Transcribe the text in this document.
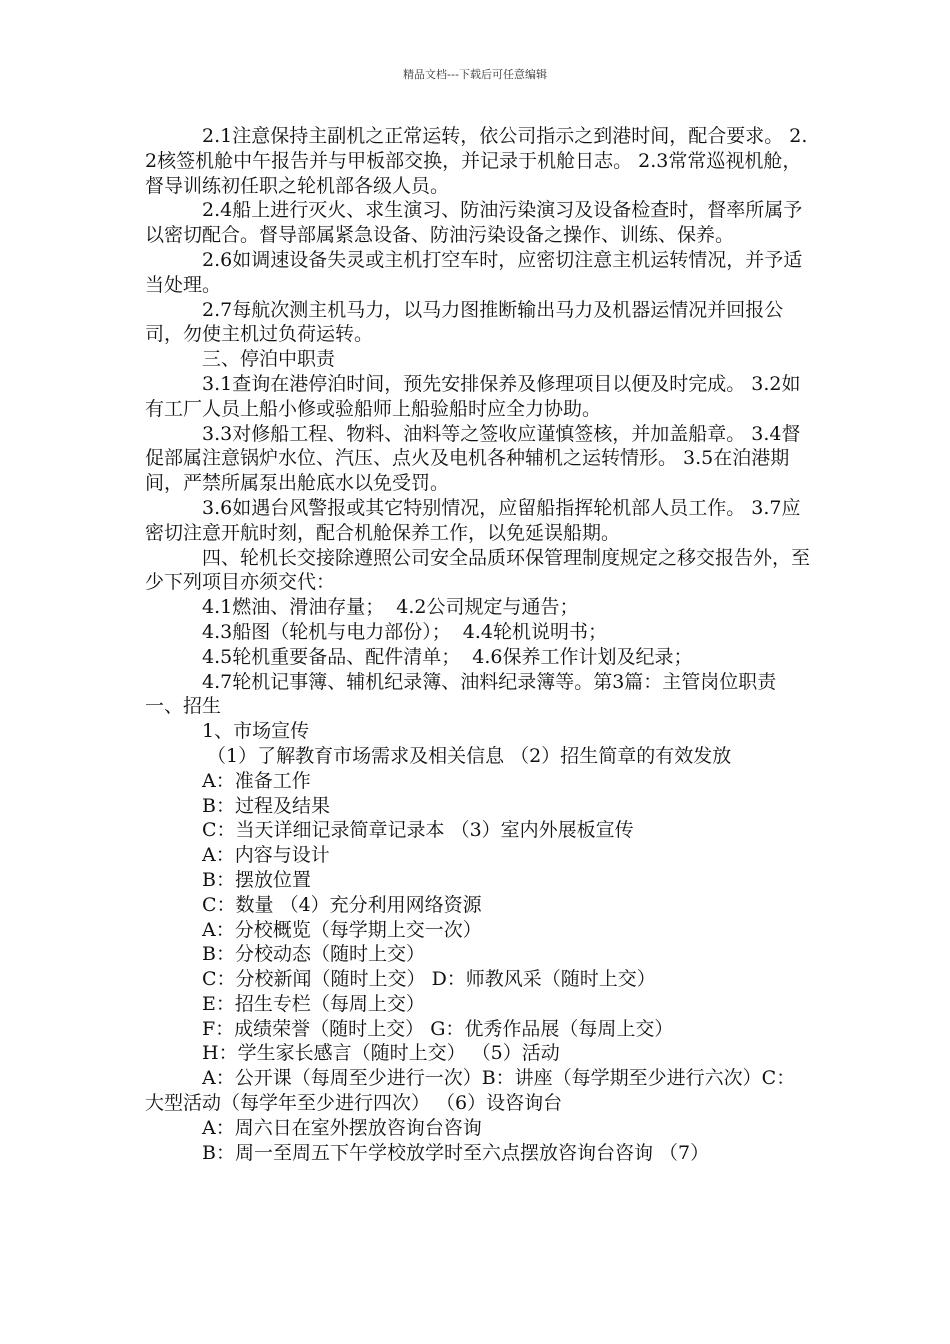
精品文档---下载后可任意编辑

2.1注意保持主副机之正常运转，依公司指示之到港时间，配合要求。 2.2核签机舱中午报告并与甲板部交换，并记录于机舱日志。 2.3常常巡视机舱，督导训练初任职之轮机部各级人员。

2.4船上进行灭火、求生演习、防油污染演习及设备检查时，督率所属予以密切配合。督导部属紧急设备、防油污染设备之操作、训练、保养。

2.6如调速设备失灵或主机打空车时，应密切注意主机运转情况，并予适当处理。

2.7每航次测主机马力，以马力图推断输出马力及机器运情况并回报公司，勿使主机过负荷运转。

三、停泊中职责

3.1查询在港停泊时间，预先安排保养及修理项目以便及时完成。 3.2如有工厂人员上船小修或验船师上船验船时应全力协助。

3.3对修船工程、物料、油料等之签收应谨慎签核，并加盖船章。 3.4督促部属注意锅炉水位、汽压、点火及电机各种辅机之运转情形。 3.5在泊港期间，严禁所属泵出舱底水以免受罚。

3.6如遇台风警报或其它特别情况，应留船指挥轮机部人员工作。 3.7应密切注意开航时刻，配合机舱保养工作，以免延误船期。

四、轮机长交接除遵照公司安全品质环保管理制度规定之移交报告外，至少下列项目亦须交代：

4.1燃油、滑油存量；  4.2公司规定与通告；

4.3船图（轮机与电力部份）；  4.4轮机说明书；

4.5轮机重要备品、配件清单；  4.6保养工作计划及纪录；

4.7轮机记事簿、辅机纪录簿、油料纪录簿等。第3篇：主管岗位职责一、招生

1、市场宣传

（1）了解教育市场需求及相关信息 （2）招生简章的有效发放

A：准备工作

B：过程及结果

C：当天详细记录简章记录本 （3）室内外展板宣传

A：内容与设计

B：摆放位置

C：数量 （4）充分利用网络资源

A：分校概览（每学期上交一次）

B：分校动态（随时上交）

C：分校新闻（随时上交） D：师教风采（随时上交）

E：招生专栏（每周上交）

F：成绩荣誉（随时上交） G：优秀作品展（每周上交）

H：学生家长感言（随时上交） （5）活动

A：公开课（每周至少进行一次）B：讲座（每学期至少进行六次）C：大型活动（每学年至少进行四次） （6）设咨询台

A：周六日在室外摆放咨询台咨询

B：周一至周五下午学校放学时至六点摆放咨询台咨询 （7）
